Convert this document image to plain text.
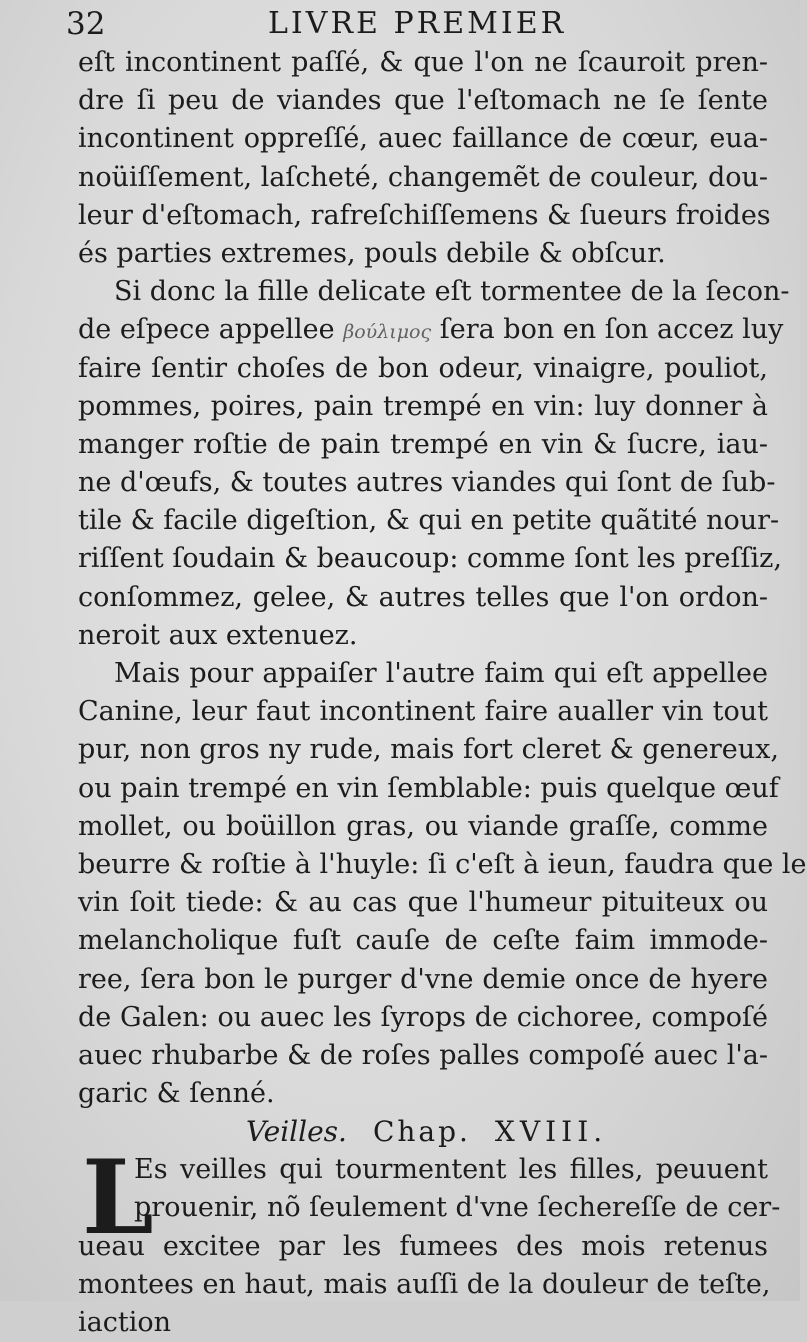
32	LIVRE PREMIER
eſt incontinent paſſé, & que l'on ne ſcauroit pren-
dre ſi peu de viandes que l'eſtomach ne ſe ſente
incontinent oppreſſé, auec faillance de cœur, eua-
noüiſſement, laſcheté, changemẽt de couleur, dou-
leur d'eſtomach, rafreſchiſſemens & ſueurs froides
és parties extremes, pouls debile & obſcur.
Si donc la fille delicate eſt tormentee de la ſecon-
de eſpece appellee βούλιμος ſera bon en ſon accez luy
faire ſentir choſes de bon odeur, vinaigre, pouliot,
pommes, poires, pain trempé en vin: luy donner à
manger roſtie de pain trempé en vin & ſucre, iau-
ne d'œufs, & toutes autres viandes qui ſont de ſub-
tile & facile digeſtion, & qui en petite quãtité nour-
riſſent ſoudain & beaucoup: comme ſont les preſſiz,
conſommez, gelee, & autres telles que l'on ordon-
neroit aux extenuez.
Mais pour appaiſer l'autre faim qui eſt appellee
Canine, leur faut incontinent faire aualler vin tout
pur, non gros ny rude, mais fort cleret & genereux,
ou pain trempé en vin ſemblable: puis quelque œuf
mollet, ou boüillon gras, ou viande graſſe, comme
beurre & roſtie à l'huyle: ſi c'eſt à ieun, faudra que le
vin ſoit tiede: & au cas que l'humeur pituiteux ou
melancholique fuſt cauſe de ceſte faim immode-
ree, ſera bon le purger d'vne demie once de hyere
de Galen: ou auec les ſyrops de cichoree, compoſé
auec rhubarbe & de roſes palles compoſé auec l'a-
garic & ſenné.
Veilles. Chap. XVIII.
L
Es veilles qui tourmentent les filles, peuuent
prouenir, nõ ſeulement d'vne ſechereſſe de cer-
ueau excitee par les fumees des mois retenus
montees en haut, mais auſſi de la douleur de teſte,
iaction
